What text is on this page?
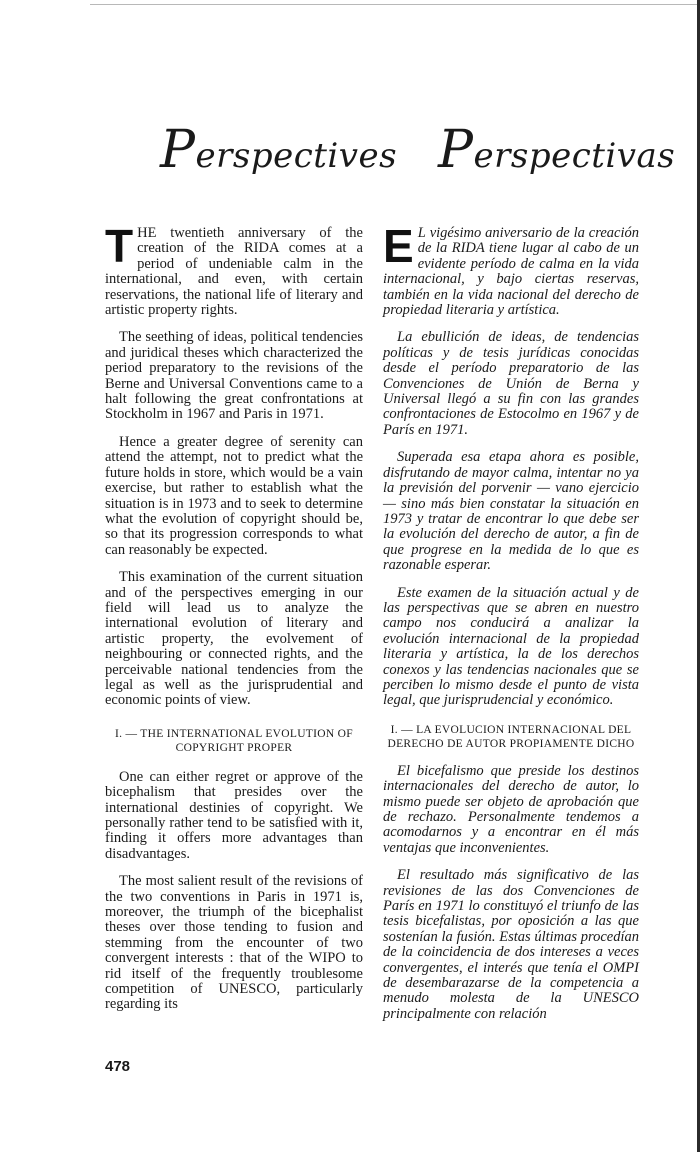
Perspectives Perspectivas

THE twentieth anniversary of the creation of the RIDA comes at a period of undeniable calm in the international, and even, with certain reservations, the national life of literary and artistic property rights.

The seething of ideas, political tendencies and juridical theses which characterized the period preparatory to the revisions of the Berne and Universal Conventions came to a halt following the great confrontations at Stockholm in 1967 and Paris in 1971.

Hence a greater degree of serenity can attend the attempt, not to predict what the future holds in store, which would be a vain exercise, but rather to establish what the situation is in 1973 and to seek to determine what the evolution of copyright should be, so that its progression corresponds to what can reasonably be expected.

This examination of the current situation and of the perspectives emerging in our field will lead us to analyze the international evolution of literary and artistic property, the evolvement of neighbouring or connected rights, and the perceivable national tendencies from the legal as well as the jurisprudential and economic points of view.

I. — THE INTERNATIONAL EVOLUTION OF COPYRIGHT PROPER

One can either regret or approve of the bicephalism that presides over the international destinies of copyright. We personally rather tend to be satisfied with it, finding it offers more advantages than disadvantages.

The most salient result of the revisions of the two conventions in Paris in 1971 is, moreover, the triumph of the bicephalist theses over those tending to fusion and stemming from the encounter of two convergent interests : that of the WIPO to rid itself of the frequently troublesome competition of UNESCO, particularly regarding its

E L vigésimo aniversario de la creación de la RIDA tiene lugar al cabo de un evidente período de calma en la vida internacional, y bajo ciertas reservas, también en la vida nacional del derecho de propiedad literaria y artística.

La ebullición de ideas, de tendencias políticas y de tesis jurídicas conocidas desde el período preparatorio de las Convenciones de Unión de Berna y Universal llegó a su fin con las grandes confrontaciones de Estocolmo en 1967 y de París en 1971.

Superada esa etapa ahora es posible, disfrutando de mayor calma, intentar no ya la previsión del porvenir — vano ejercicio — sino más bien constatar la situación en 1973 y tratar de encontrar lo que debe ser la evolución del derecho de autor, a fin de que progrese en la medida de lo que es razonable esperar.

Este examen de la situación actual y de las perspectivas que se abren en nuestro campo nos conducirá a analizar la evolución internacional de la propiedad literaria y artística, la de los derechos conexos y las tendencias nacionales que se perciben lo mismo desde el punto de vista legal, que jurisprudencial y económico.

I. — LA EVOLUCION INTERNACIONAL DEL DERECHO DE AUTOR PROPIAMENTE DICHO

El bicefalismo que preside los destinos internacionales del derecho de autor, lo mismo puede ser objeto de aprobación que de rechazo. Personalmente tendemos a acomodarnos y a encontrar en él más ventajas que inconvenientes.

El resultado más significativo de las revisiones de las dos Convenciones de París en 1971 lo constituyó el triunfo de las tesis bicefalistas, por oposición a las que sostenían la fusión. Estas últimas procedían de la coincidencia de dos intereses a veces convergentes, el interés que tenía el OMPI de desembarazarse de la competencia a menudo molesta de la UNESCO principalmente con relación

478
